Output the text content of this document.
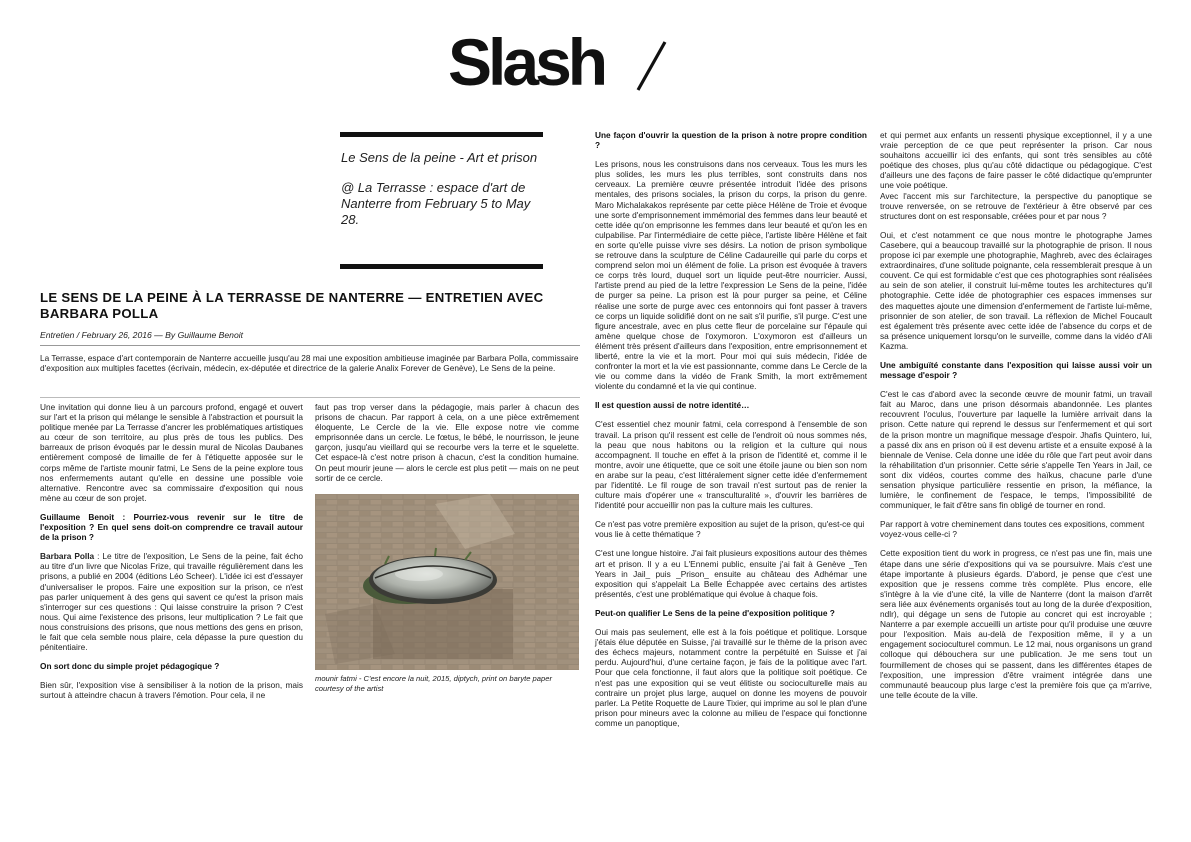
Slash
Le Sens de la peine - Art et prison
@ La Terrasse : espace d'art de Nanterre from February 5 to May 28.
LE SENS DE LA PEINE À LA TERRASSE DE NANTERRE — ENTRETIEN AVEC BARBARA POLLA
Entretien / February 26, 2016 — By Guillaume Benoit
La Terrasse, espace d'art contemporain de Nanterre accueille jusqu'au 28 mai une exposition ambitieuse imaginée par Barbara Polla, commissaire d'exposition aux multiples facettes (écrivain, médecin, ex-députée et directrice de la galerie Analix Forever de Genève), Le Sens de la peine.

Une invitation qui donne lieu à un parcours profond, engagé et ouvert sur l'art et la prison qui mélange le sensible à l'abstraction et poursuit la politique menée par La Terrasse d'ancrer les problématiques artistiques au cœur de son territoire, au plus près de tous les publics. Des barreaux de prison évoqués par le dessin mural de Nicolas Daubanes entièrement composé de limaille de fer à l'étiquette apposée sur le corps même de l'artiste mounir fatmi, Le Sens de la peine explore tous nos enfermements autant qu'elle en dessine une possible voie alternative. Rencontre avec sa commissaire d'exposition qui nous mène au cœur de son projet.

Guillaume Benoit : Pourriez-vous revenir sur le titre de l'exposition ? En quel sens doit-on comprendre ce travail autour de la prison ?

Barbara Polla : Le titre de l'exposition, Le Sens de la peine, fait écho au titre d'un livre que Nicolas Frize, qui travaille régulièrement dans les prisons, a publié en 2004 (éditions Léo Scheer). L'idée ici est d'essayer d'universaliser le propos. Faire une exposition sur la prison, ce n'est pas parler uniquement à des gens qui savent ce qu'est la prison mais s'interroger sur ces questions : Qui laisse construire la prison ? C'est nous. Qui aime l'existence des prisons, leur multiplication ? Le fait que nous construisions des prisons, que nous mettions des gens en prison, le fait que cela semble nous plaire, cela dépasse la pure question du pénitentiaire.

On sort donc du simple projet pédagogique ?

Bien sûr, l'exposition vise à sensibiliser à la notion de la prison, mais surtout à atteindre chacun à travers l'émotion. Pour cela, il ne

faut pas trop verser dans la pédagogie, mais parler à chacun des prisons de chacun. Par rapport à cela, on a une pièce extrêmement éloquente, Le Cercle de la vie. Elle expose notre vie comme emprisonnée dans un cercle. Le fœtus, le bébé, le nourrisson, le jeune garçon, jusqu'au vieillard qui se recourbe vers la terre et le squelette. Cet espace-là c'est notre prison à chacun, c'est la condition humaine. On peut mourir jeune — alors le cercle est plus petit — mais on ne peut sortir de ce cercle.

mounir fatmi - C'est encore la nuit, 2015, diptych, print on baryte paper courtesy of the artist

Une façon d'ouvrir la question de la prison à notre propre condition ?

Les prisons, nous les construisons dans nos cerveaux. Tous les murs les plus solides, les murs les plus terribles, sont construits dans nos cerveaux. La première œuvre présentée introduit l'idée des prisons mentales, des prisons sociales, la prison du corps, la prison du genre. Maro Michalakakos représente par cette pièce Hélène de Troie et évoque une sorte d'emprisonnement immémorial des femmes dans leur beauté et cette idée qu'on emprisonne les femmes dans leur beauté et qu'on les en culpabilise. Par l'intermédiaire de cette pièce, l'artiste libère Hélène et fait en sorte qu'elle puisse vivre ses désirs. La notion de prison symbolique se retrouve dans la sculpture de Céline Cadaureille qui parle du corps et comprend selon moi un élément de folie. La prison est évoquée à travers ce corps très lourd, duquel sort un liquide peut-être nourricier. Aussi, l'artiste prend au pied de la lettre l'expression Le Sens de la peine, l'idée de purger sa peine. La prison est là pour purger sa peine, et Céline réalise une sorte de purge avec ces entonnoirs qui font passer à travers ce corps un liquide solidifié dont on ne sait s'il purifie, s'il purge. C'est une figure ancestrale, avec en plus cette fleur de porcelaine sur l'épaule qui amène quelque chose de l'oxymoron. L'oxymoron est d'ailleurs un élément très présent d'ailleurs dans l'exposition, entre emprisonnement et liberté, entre la vie et la mort. Pour moi qui suis médecin, l'idée de confronter la mort et la vie est passionnante, comme dans Le Cercle de la vie ou comme dans la vidéo de Frank Smith, la mort extrêmement violente du condamné et la vie qui continue.

Il est question aussi de notre identité…

C'est essentiel chez mounir fatmi, cela correspond à l'ensemble de son travail. La prison qu'il ressent est celle de l'endroit où nous sommes nés, la peau que nous habitons ou la religion et la culture qui nous accompagnent. Il touche en effet à la prison de l'identité et, comme il le montre, avoir une étiquette, que ce soit une étoile jaune ou bien son nom en arabe sur la peau, c'est littéralement signer cette idée d'enfermement par l'identité. Le fil rouge de son travail n'est surtout pas de renier la culture mais d'opérer une « transculturalité », d'ouvrir les barrières de l'identité pour accueillir non pas la culture mais les cultures.

Ce n'est pas votre première exposition au sujet de la prison, qu'est-ce qui vous lie à cette thématique ?

C'est une longue histoire. J'ai fait plusieurs expositions autour des thèmes art et prison. Il y a eu L'Ennemi public, ensuite j'ai fait à Genève _Ten Years in Jail_ puis _Prison_ ensuite au château des Adhémar une exposition qui s'appelait La Belle Échappée avec certains des artistes présentés, c'est une problématique qui évolue à chaque fois.

Peut-on qualifier Le Sens de la peine d'exposition politique ?

Oui mais pas seulement, elle est à la fois poétique et politique. Lorsque j'étais élue députée en Suisse, j'ai travaillé sur le thème de la prison avec des échecs majeurs, notamment contre la perpétuité en Suisse et j'ai perdu. Aujourd'hui, d'une certaine façon, je fais de la politique avec l'art. Pour que cela fonctionne, il faut alors que la politique soit poétique. Ce n'est pas une exposition qui se veut élitiste ou socioculturelle mais au contraire un projet plus large, auquel on donne les moyens de pouvoir parler. La Petite Roquette de Laure Tixier, qui imprime au sol le plan d'une prison pour mineurs avec la colonne au milieu de l'espace qui fonctionne comme un panoptique,

et qui permet aux enfants un ressenti physique exceptionnel, il y a une vraie perception de ce que peut représenter la prison. Car nous souhaitons accueillir ici des enfants, qui sont très sensibles au côté poétique des choses, plus qu'au côté didactique ou pédagogique. C'est d'ailleurs une des façons de faire passer le côté didactique qu'emprunter une voie poétique.
Avec l'accent mis sur l'architecture, la perspective du panoptique se trouve renversée, on se retrouve de l'extérieur à être observé par ces structures dont on est responsable, créées pour et par nous ?

Oui, et c'est notamment ce que nous montre le photographe James Casebere, qui a beaucoup travaillé sur la photographie de prison. Il nous propose ici par exemple une photographie, Maghreb, avec des éclairages extraordinaires, d'une solitude poignante, cela ressemblerait presque à un couvent. Ce qui est formidable c'est que ces photographies sont réalisées au sein de son atelier, il construit lui-même toutes les architectures qu'il photographie. Cette idée de photographier ces espaces immenses sur des maquettes ajoute une dimension d'enfermement de l'artiste lui-même, prisonnier de son atelier, de son travail. La réflexion de Michel Foucault est également très présente avec cette idée de l'absence du corps et de sa présence uniquement lorsqu'on le surveille, comme dans la vidéo d'Ali Kazma.

Une ambiguïté constante dans l'exposition qui laisse aussi voir un message d'espoir ?

C'est le cas d'abord avec la seconde œuvre de mounir fatmi, un travail fait au Maroc, dans une prison désormais abandonnée. Les plantes recouvrent l'oculus, l'ouverture par laquelle la lumière arrivait dans la prison. Cette nature qui reprend le dessus sur l'enfermement et qui sort de la prison montre un magnifique message d'espoir. Jhafis Quintero, lui, a passé dix ans en prison où il est devenu artiste et a ensuite exposé à la biennale de Venise. Cela donne une idée du rôle que l'art peut avoir dans la réhabilitation d'un prisonnier. Cette série s'appelle Ten Years in Jail, ce sont dix vidéos, courtes comme des haïkus, chacune parle d'une sensation physique particulière ressentie en prison, la méfiance, la lumière, le confinement de l'espace, le temps, l'impossibilité de communiquer, le fait d'être sans fin obligé de tourner en rond.

Par rapport à votre cheminement dans toutes ces expositions, comment voyez-vous celle-ci ?

Cette exposition tient du work in progress, ce n'est pas une fin, mais une étape dans une série d'expositions qui va se poursuivre. Mais c'est une étape importante à plusieurs égards. D'abord, je pense que c'est une exposition que je ressens comme très complète. Plus encore, elle s'intègre à la vie d'une cité, la ville de Nanterre (dont la maison d'arrêt sera liée aux événements organisés tout au long de la durée d'exposition, ndlr), qui dégage un sens de l'utopie au concret qui est incroyable ; Nanterre a par exemple accueilli un artiste pour qu'il produise une œuvre pour l'exposition. Mais au-delà de l'exposition même, il y a un engagement socioculturel commun. Le 12 mai, nous organisons un grand colloque qui débouchera sur une publication. Je me sens tout un fourmillement de choses qui se passent, dans les différentes étapes de l'exposition, une impression d'être vraiment intégrée dans une communauté beaucoup plus large c'est la première fois que ça m'arrive, une telle écoute de la ville.
